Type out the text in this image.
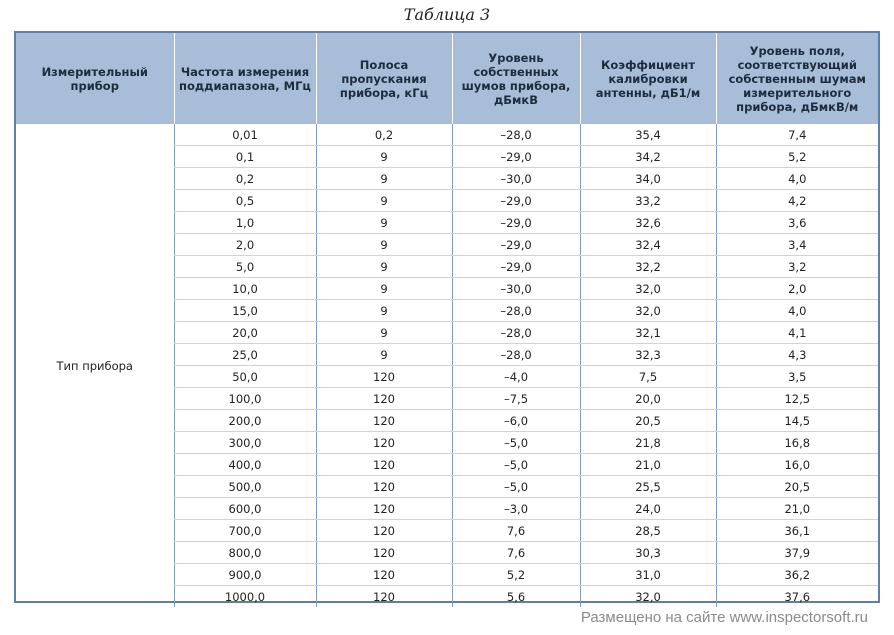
Таблица 3
Измерительный прибор	Частота измерения поддиапазона, МГц	Полоса пропускания прибора, кГц	Уровень собственных шумов прибора, дБмкВ	Коэффициент калибровки антенны, дБ1/м	Уровень поля, соответствующий собственным шумам измерительного прибора, дБмкВ/м
Тип прибора	0,01	0,2	–28,0	35,4	7,4
	0,1	9	–29,0	34,2	5,2
	0,2	9	–30,0	34,0	4,0
	0,5	9	–29,0	33,2	4,2
	1,0	9	–29,0	32,6	3,6
	2,0	9	–29,0	32,4	3,4
	5,0	9	–29,0	32,2	3,2
	10,0	9	–30,0	32,0	2,0
	15,0	9	–28,0	32,0	4,0
	20,0	9	–28,0	32,1	4,1
	25,0	9	–28,0	32,3	4,3
	50,0	120	–4,0	7,5	3,5
	100,0	120	–7,5	20,0	12,5
	200,0	120	–6,0	20,5	14,5
	300,0	120	–5,0	21,8	16,8
	400,0	120	–5,0	21,0	16,0
	500,0	120	–5,0	25,5	20,5
	600,0	120	–3,0	24,0	21,0
	700,0	120	7,6	28,5	36,1
	800,0	120	7,6	30,3	37,9
	900,0	120	5,2	31,0	36,2
	1000,0	120	5,6	32,0	37,6
Размещено на сайте www.inspectorsoft.ru
